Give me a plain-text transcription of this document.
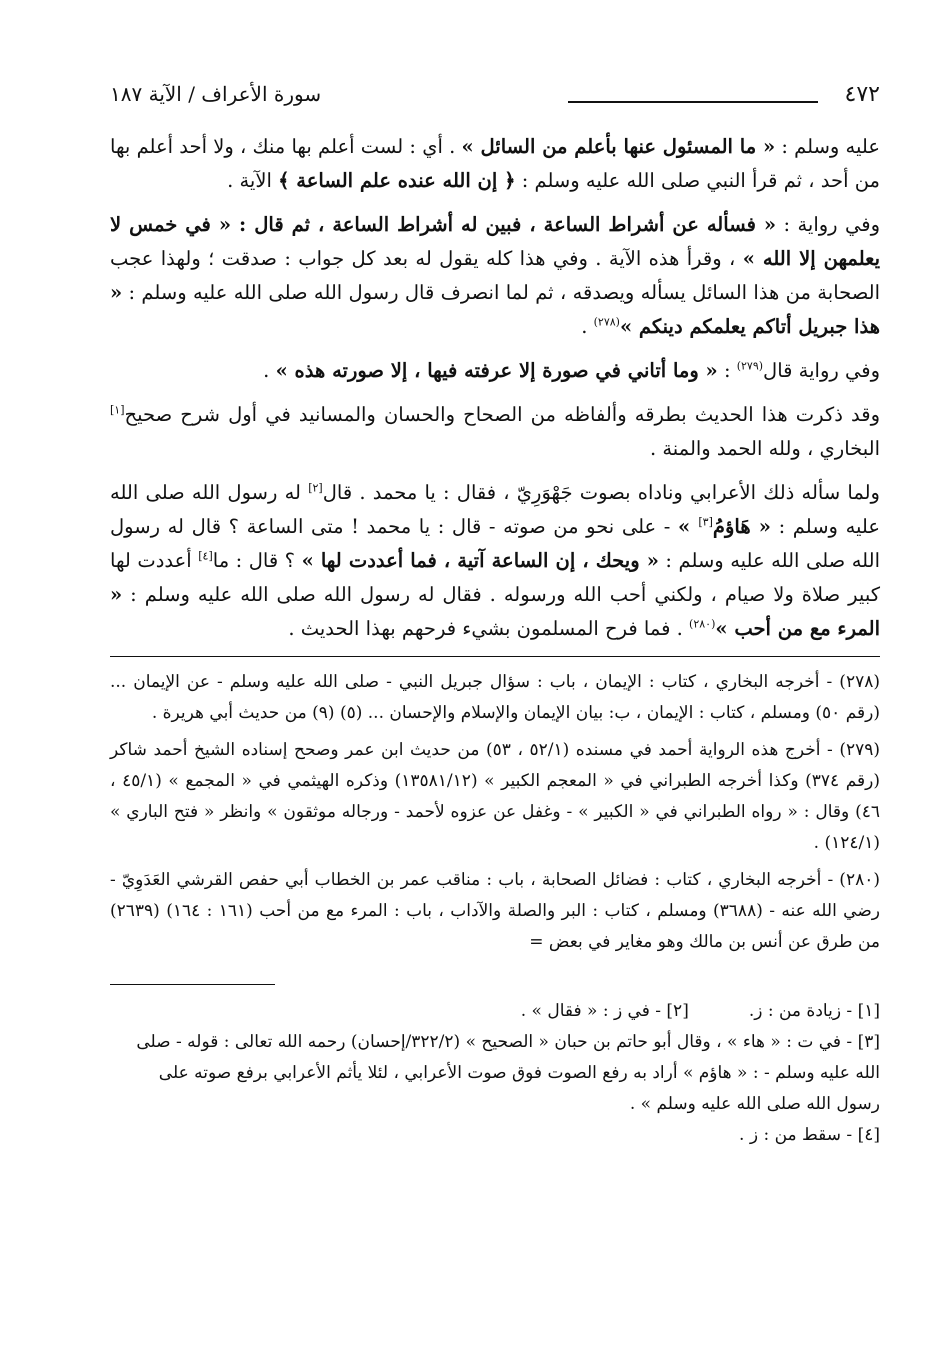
٤٧٢
سورة الأعراف / الآية ١٨٧

عليه وسلم : « ما المسئول عنها بأعلم من السائل » . أي : لست أعلم بها منك ، ولا أحد أعلم بها من أحد ، ثم قرأ النبي صلى الله عليه وسلم : ﴿ إن الله عنده علم الساعة ﴾ الآية .

وفي رواية : « فسأله عن أشراط الساعة ، فبين له أشراط الساعة ، ثم قال : « في خمس لا يعلمهن إلا الله » ، وقرأ هذه الآية . وفي هذا كله يقول له بعد كل جواب : صدقت ؛ ولهذا عجب الصحابة من هذا السائل يسأله ويصدقه ، ثم لما انصرف قال رسول الله صلى الله عليه وسلم : « هذا جبريل أتاكم يعلمكم دينكم »$^{(٢٧٨)}$ .

وفي رواية قال$^{(٢٧٩)}$ : « وما أتاني في صورة إلا عرفته فيها ، إلا صورته هذه » .

وقد ذكرت هذا الحديث بطرقه وألفاظه من الصحاح والحسان والمسانيد في أول شرح صحيح[١] البخاري ، ولله الحمد والمنة .

ولما سأله ذلك الأعرابي وناداه بصوت جَهْوَرِيّ ، فقال : يا محمد . قال[٢] له رسول الله صلى الله عليه وسلم : « هَاؤمُ[٣] » - على نحو من صوته - قال : يا محمد ! متى الساعة ؟ قال له رسول الله صلى الله عليه وسلم : « ويحك ، إن الساعة آتية ، فما أعددت لها » ؟ قال : ما[٤] أعددت لها كبير صلاة ولا صيام ، ولكني أحب الله ورسوله . فقال له رسول الله صلى الله عليه وسلم : « المرء مع من أحب »$^{(٢٨٠)}$ . فما فرح المسلمون بشيء فرحهم بهذا الحديث .

(٢٧٨) - أخرجه البخاري ، كتاب : الإيمان ، باب : سؤال جبريل النبي - صلى الله عليه وسلم - عن الإيمان ... (رقم ٥٠) ومسلم ، كتاب : الإيمان ، ب: بيان الإيمان والإسلام والإحسان ... (٥) (٩) من حديث أبي هريرة .

(٢٧٩) - أخرج هذه الرواية أحمد في مسنده (٥٢/١ ، ٥٣) من حديث ابن عمر وصحح إسناده الشيخ أحمد شاكر (رقم ٣٧٤) وكذا أخرجه الطبراني في « المعجم الكبير » (١٣٥٨١/١٢) وذكره الهيثمي في « المجمع » (٤٥/١ ، ٤٦) وقال : « رواه الطبراني في « الكبير » - وغفل عن عزوه لأحمد - ورجاله موثقون » وانظر « فتح الباري » (١٢٤/١) .

(٢٨٠) - أخرجه البخاري ، كتاب : فضائل الصحابة ، باب : مناقب عمر بن الخطاب أبي حفص القرشي العَدَوِيّ - رضي الله عنه - (٣٦٨٨) ومسلم ، كتاب : البر والصلة والآداب ، باب : المرء مع من أحب (١٦١ : ١٦٤) (٢٦٣٩) من طرق عن أنس بن مالك وهو مغاير في بعض =

[١] - زيادة من : ز.

[٢] - في ز : « فقال » .

[٣] - في ت : « هاء » ، وقال أبو حاتم بن حبان « الصحيح » (٣٢٢/٢/إحسان) رحمه الله تعالى : قوله - صلى الله عليه وسلم - : « هاؤم » أراد به رفع الصوت فوق صوت الأعرابي ، لئلا يأثم الأعرابي برفع صوته على رسول الله صلى الله عليه وسلم » .

[٤] - سقط من : ز .
